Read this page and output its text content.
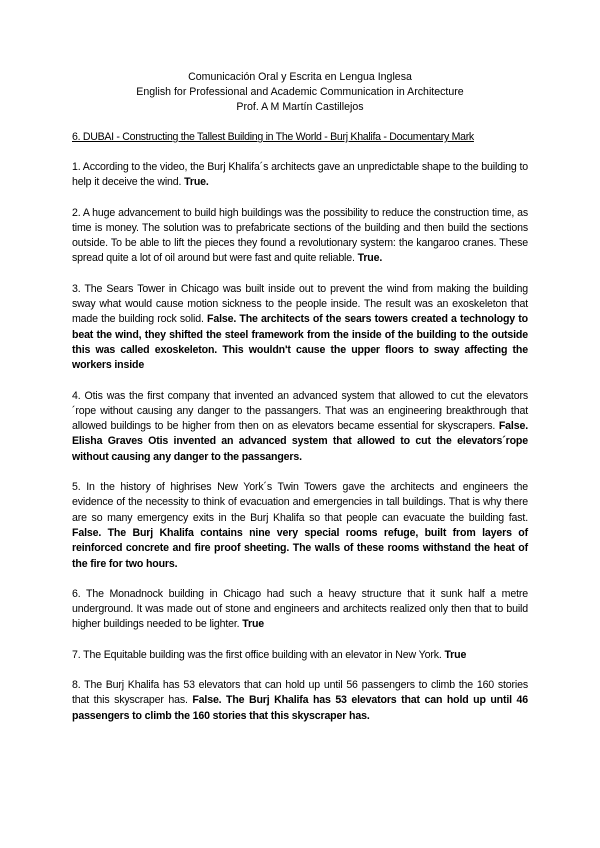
Comunicación Oral y Escrita en Lengua Inglesa
English for Professional and Academic Communication in Architecture
Prof. A M Martín Castillejos
6. DUBAI - Constructing the Tallest Building in The World - Burj Khalifa - Documentary Mark
1. According to the video, the Burj Khalifa´s architects gave an unpredictable shape to the building to help it deceive the wind. True.
2. A huge advancement to build high buildings was the possibility to reduce the construction time, as time is money. The solution was to prefabricate sections of the building and then build the sections outside. To be able to lift the pieces they found a revolutionary system: the kangaroo cranes. These spread quite a lot of oil around but were fast and quite reliable. True.
3. The Sears Tower in Chicago was built inside out to prevent the wind from making the building sway what would cause motion sickness to the people inside. The result was an exoskeleton that made the building rock solid. False. The architects of the sears towers created a technology to beat the wind, they shifted the steel framework from the inside of the building to the outside this was called exoskeleton. This wouldn't cause the upper floors to sway affecting the workers inside
4. Otis was the first company that invented an advanced system that allowed to cut the elevators´rope without causing any danger to the passangers. That was an engineering breakthrough that allowed buildings to be higher from then on as elevators became essential for skyscrapers. False. Elisha Graves Otis invented an advanced system that allowed to cut the elevators´rope without causing any danger to the passangers.
5. In the history of highrises New York´s Twin Towers gave the architects and engineers the evidence of the necessity to think of evacuation and emergencies in tall buildings. That is why there are so many emergency exits in the Burj Khalifa so that people can evacuate the building fast. False. The Burj Khalifa contains nine very special rooms refuge, built from layers of reinforced concrete and fire proof sheeting. The walls of these rooms withstand the heat of the fire for two hours.
6. The Monadnock building in Chicago had such a heavy structure that it sunk half a metre underground. It was made out of stone and engineers and architects realized only then that to build higher buildings needed to be lighter. True
7. The Equitable building was the first office building with an elevator in New York. True
8. The Burj Khalifa has 53 elevators that can hold up until 56 passengers to climb the 160 stories that this skyscraper has. False. The Burj Khalifa has 53 elevators that can hold up until 46 passengers to climb the 160 stories that this skyscraper has.
